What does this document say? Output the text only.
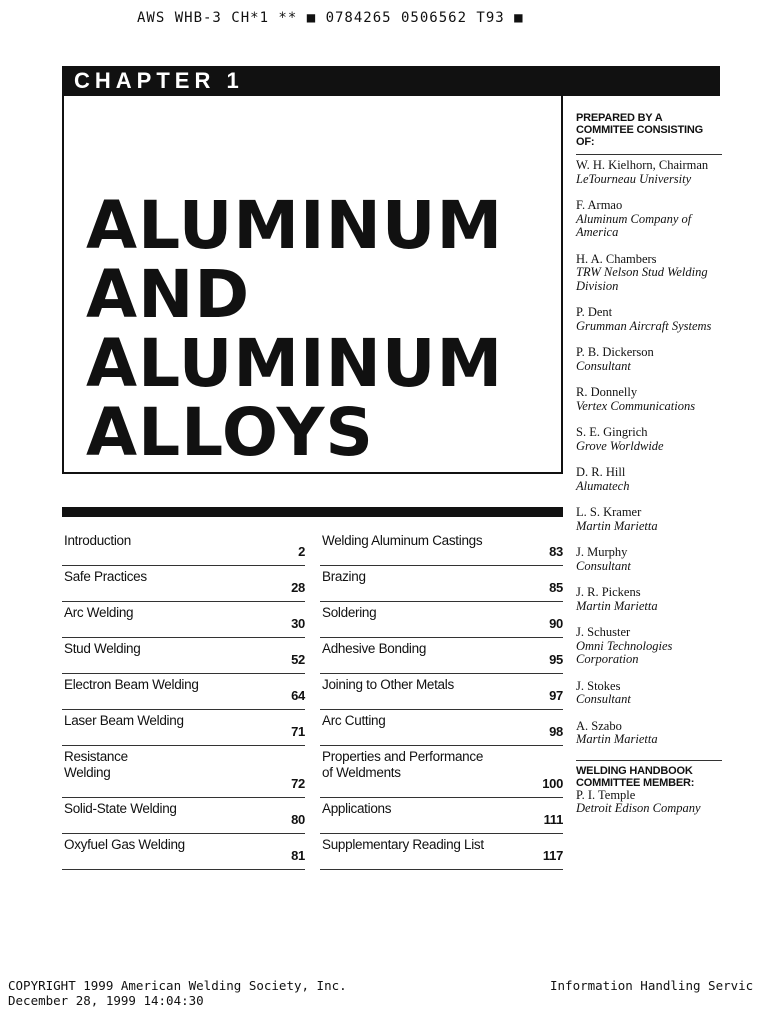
AWS WHB-3 CH*1 ** ■ 0784265 0506562 T93 ■
CHAPTER 1
ALUMINUM
AND
ALUMINUM
ALLOYS
Introduction
2
Safe Practices
28
Arc Welding
30
Stud Welding
52
Electron Beam Welding
64
Laser Beam Welding
71
Resistance
Welding
72
Solid-State Welding
80
Oxyfuel Gas Welding
81
Welding Aluminum Castings
83
Brazing
85
Soldering
90
Adhesive Bonding
95
Joining to Other Metals
97
Arc Cutting
98
Properties and Performance
of Weldments
100
Applications
111
Supplementary Reading List
117
PREPARED BY A COMMITEE CONSISTING OF:
W. H. Kielhorn, Chairman
LeTourneau University
F. Armao
Aluminum Company of America
H. A. Chambers
TRW Nelson Stud Welding Division
P. Dent
Grumman Aircraft Systems
P. B. Dickerson
Consultant
R. Donnelly
Vertex Communications
S. E. Gingrich
Grove Worldwide
D. R. Hill
Alumatech
L. S. Kramer
Martin Marietta
J. Murphy
Consultant
J. R. Pickens
Martin Marietta
J. Schuster
Omni Technologies Corporation
J. Stokes
Consultant
A. Szabo
Martin Marietta
WELDING HANDBOOK COMMITTEE MEMBER:
P. I. Temple
Detroit Edison Company
COPYRIGHT 1999 American Welding Society, Inc.
December 28, 1999 14:04:30
Information Handling Servic
